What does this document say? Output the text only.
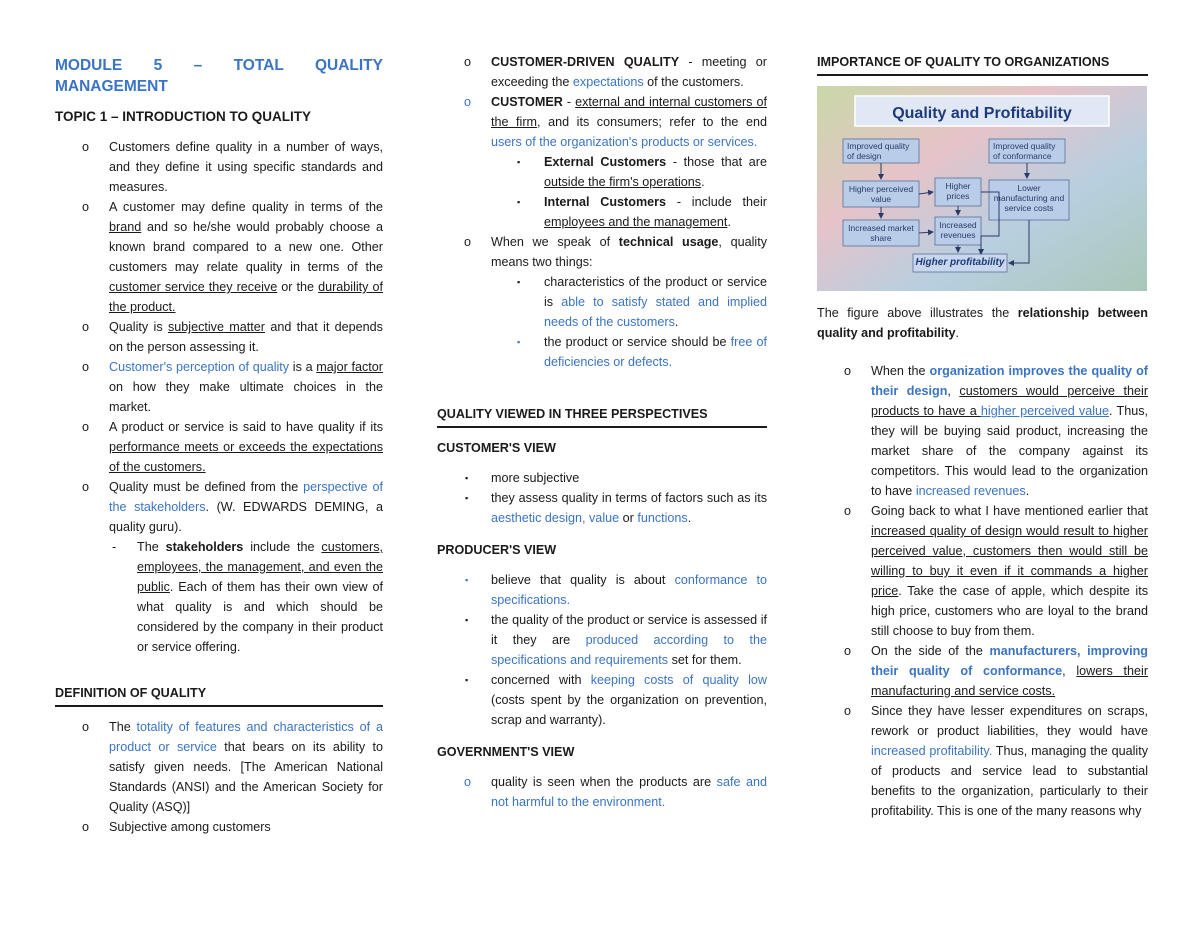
MODULE 5 – TOTAL QUALITY
MANAGEMENT
TOPIC 1 – INTRODUCTION TO QUALITY
o Customers define quality in a number of ways, and they define it using specific standards and measures.
o A customer may define quality in terms of the brand and so he/she would probably choose a known brand compared to a new one. Other customers may relate quality in terms of the customer service they receive or the durability of the product.
o Quality is subjective matter and that it depends on the person assessing it.
o Customer's perception of quality is a major factor on how they make ultimate choices in the market.
o A product or service is said to have quality if its performance meets or exceeds the expectations of the customers.
o Quality must be defined from the perspective of the stakeholders. (W. EDWARDS DEMING, a quality guru).
- The stakeholders include the customers, employees, the management, and even the public. Each of them has their own view of what quality is and which should be considered by the company in their product or service offering.
DEFINITION OF QUALITY
o The totality of features and characteristics of a product or service that bears on its ability to satisfy given needs. [The American National Standards (ANSI) and the American Society for Quality (ASQ)]
o Subjective among customers
o CUSTOMER-DRIVEN QUALITY - meeting or exceeding the expectations of the customers.
o CUSTOMER - external and internal customers of the firm, and its consumers; refer to the end users of the organization's products or services.
▪ External Customers - those that are outside the firm's operations.
▪ Internal Customers - include their employees and the management.
o When we speak of technical usage, quality means two things:
▪ characteristics of the product or service is able to satisfy stated and implied needs of the customers.
▪ the product or service should be free of deficiencies or defects.
QUALITY VIEWED IN THREE PERSPECTIVES
CUSTOMER'S VIEW
▪ more subjective
▪ they assess quality in terms of factors such as its aesthetic design, value or functions.
PRODUCER'S VIEW
▪ believe that quality is about conformance to specifications.
▪ the quality of the product or service is assessed if it they are produced according to the specifications and requirements set for them.
▪ concerned with keeping costs of quality low (costs spent by the organization on prevention, scrap and warranty).
GOVERNMENT'S VIEW
o quality is seen when the products are safe and not harmful to the environment.
IMPORTANCE OF QUALITY TO ORGANIZATIONS
Quality and Profitability
Improved quality of design
Improved quality of conformance
Higher perceived value
Higher prices
Lower manufacturing and service costs
Increased market share
Increased revenues
Higher profitability

The figure above illustrates the relationship between quality and profitability.

o When the organization improves the quality of their design, customers would perceive their products to have a higher perceived value. Thus, they will be buying said product, increasing the market share of the company against its competitors. This would lead to the organization to have increased revenues.
o Going back to what I have mentioned earlier that increased quality of design would result to higher perceived value, customers then would still be willing to buy it even if it commands a higher price. Take the case of apple, which despite its high price, customers who are loyal to the brand still choose to buy from them.
o On the side of the manufacturers, improving their quality of conformance, lowers their manufacturing and service costs.
o Since they have lesser expenditures on scraps, rework or product liabilities, they would have increased profitability. Thus, managing the quality of products and service lead to substantial benefits to the organization, particularly to their profitability. This is one of the many reasons why
